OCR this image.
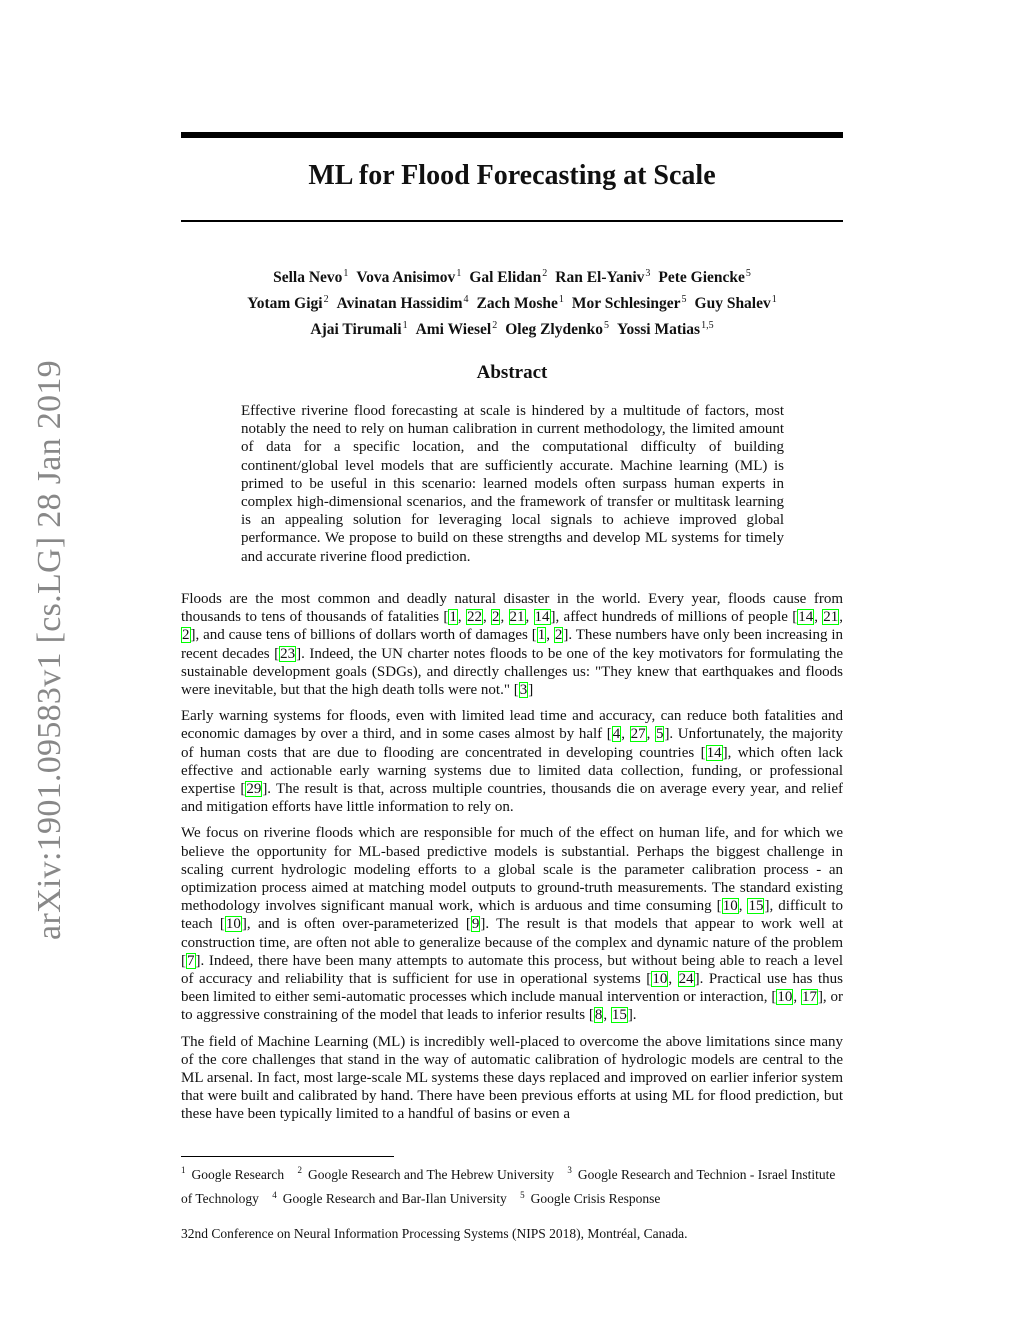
arXiv:1901.09583v1 [cs.LG] 28 Jan 2019
ML for Flood Forecasting at Scale
Sella Nevo$^1$ Vova Anisimov$^1$ Gal Elidan$^2$ Ran El-Yaniv$^3$ Pete Giencke$^5$
Yotam Gigi$^2$ Avinatan Hassidim$^4$ Zach Moshe$^1$ Mor Schlesinger$^5$ Guy Shalev$^1$
Ajai Tirumali$^1$ Ami Wiesel$^2$ Oleg Zlydenko$^5$ Yossi Matias$^{1,5}$
Abstract

Effective riverine flood forecasting at scale is hindered by a multitude of factors, most notably the need to rely on human calibration in current methodology, the limited amount of data for a specific location, and the computational difficulty of building continent/global level models that are sufficiently accurate. Machine learning (ML) is primed to be useful in this scenario: learned models often surpass human experts in complex high-dimensional scenarios, and the framework of transfer or multitask learning is an appealing solution for leveraging local signals to achieve improved global performance. We propose to build on these strengths and develop ML systems for timely and accurate riverine flood prediction.

Floods are the most common and deadly natural disaster in the world. Every year, floods cause from thousands to tens of thousands of fatalities [1, 22, 2, 21, 14], affect hundreds of millions of people [14, 21, 2], and cause tens of billions of dollars worth of damages [1, 2]. These numbers have only been increasing in recent decades [23]. Indeed, the UN charter notes floods to be one of the key motivators for formulating the sustainable development goals (SDGs), and directly challenges us: "They knew that earthquakes and floods were inevitable, but that the high death tolls were not." [3]

Early warning systems for floods, even with limited lead time and accuracy, can reduce both fatalities and economic damages by over a third, and in some cases almost by half [4, 27, 5]. Unfortunately, the majority of human costs that are due to flooding are concentrated in developing countries [14], which often lack effective and actionable early warning systems due to limited data collection, funding, or professional expertise [29]. The result is that, across multiple countries, thousands die on average every year, and relief and mitigation efforts have little information to rely on.

We focus on riverine floods which are responsible for much of the effect on human life, and for which we believe the opportunity for ML-based predictive models is substantial. Perhaps the biggest challenge in scaling current hydrologic modeling efforts to a global scale is the parameter calibration process - an optimization process aimed at matching model outputs to ground-truth measurements. The standard existing methodology involves significant manual work, which is arduous and time consuming [10, 15], difficult to teach [10], and is often over-parameterized [9]. The result is that models that appear to work well at construction time, are often not able to generalize because of the complex and dynamic nature of the problem [7]. Indeed, there have been many attempts to automate this process, but without being able to reach a level of accuracy and reliability that is sufficient for use in operational systems [10, 24]. Practical use has thus been limited to either semi-automatic processes which include manual intervention or interaction, [10, 17], or to aggressive constraining of the model that leads to inferior results [8, 15].

The field of Machine Learning (ML) is incredibly well-placed to overcome the above limitations since many of the core challenges that stand in the way of automatic calibration of hydrologic models are central to the ML arsenal. In fact, most large-scale ML systems these days replaced and improved on earlier inferior system that were built and calibrated by hand. There have been previous efforts at using ML for flood prediction, but these have been typically limited to a handful of basins or even a

$^1$ Google Research $^2$ Google Research and The Hebrew University $^3$ Google Research and Technion - Israel Institute of Technology $^4$ Google Research and Bar-Ilan University $^5$ Google Crisis Response
32nd Conference on Neural Information Processing Systems (NIPS 2018), Montréal, Canada.
